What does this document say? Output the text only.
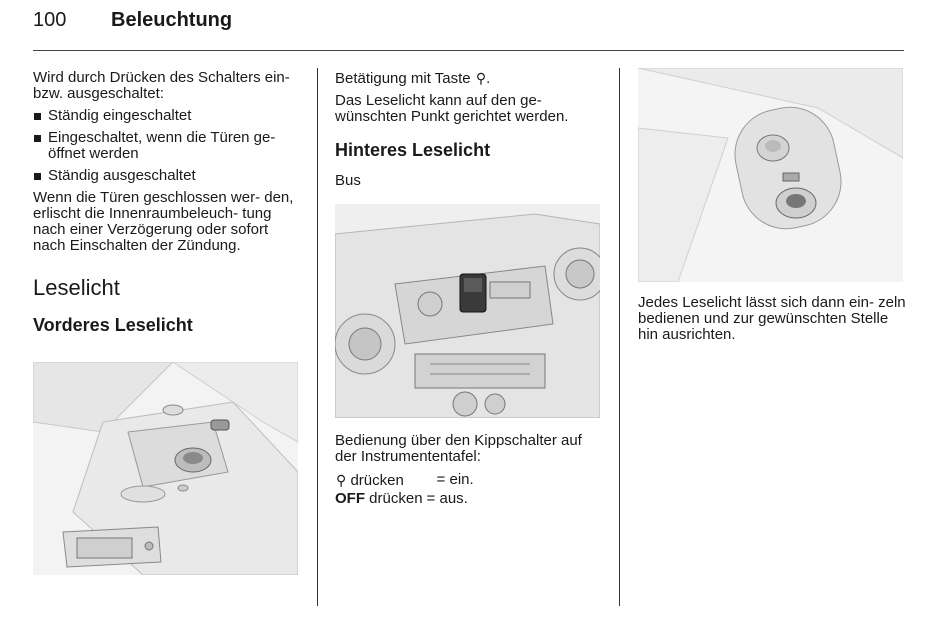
100 Beleuchtung

Wird durch Drücken des Schalters ein- bzw. ausgeschaltet:

Ständig eingeschaltet
Eingeschaltet, wenn die Türen ge- öffnet werden
Ständig ausgeschaltet

Wenn die Türen geschlossen wer- den, erlischt die Innenraumbeleuch- tung nach einer Verzögerung oder sofort nach Einschalten der Zündung.

Leselicht
Vorderes Leselicht

Betätigung mit Taste ⚲.

Das Leselicht kann auf den ge- wünschten Punkt gerichtet werden.

Hinteres Leselicht
Bus

Bedienung über den Kippschalter auf der Instrumententafel:

⚲ drücken	= ein.
OFF drücken	= aus.

Jedes Leselicht lässt sich dann ein- zeln bedienen und zur gewünschten Stelle hin ausrichten.
